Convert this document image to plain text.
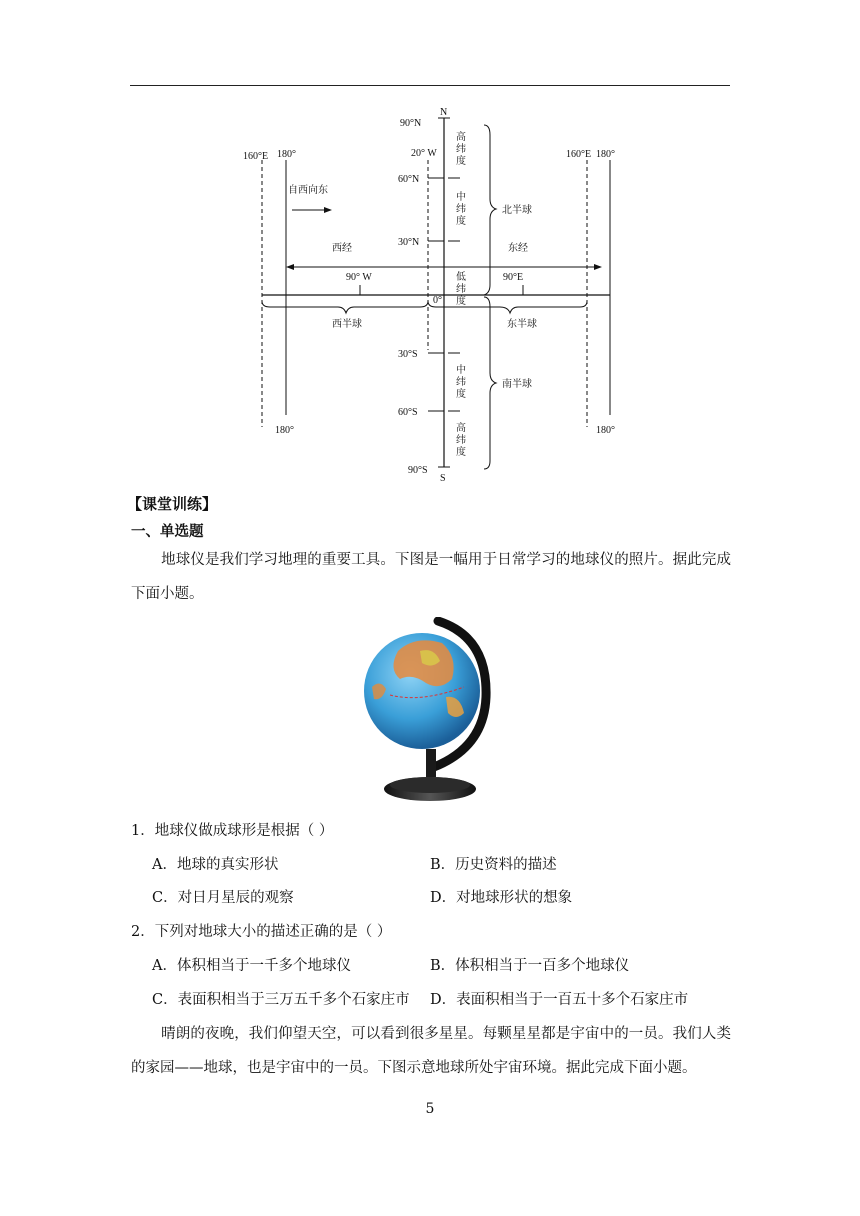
N
S
90°N
20° W
60°N
30°N
0°
30°S
60°S
90°S
160°E 180°
180°
160°E 180°
180°
90° W	90°E
自西向东
西经	东经
西半球	东半球
北半球
南半球
高
纬
度
中
纬
度
低
纬
度
中
纬
度
高
纬
度
【课堂训练】
一、单选题
地球仪是我们学习地理的重要工具。下图是一幅用于日常学习的地球仪的照片。据此完成下面小题。
1．地球仪做成球形是根据（ ）
A．地球的真实形状	B．历史资料的描述
C．对日月星辰的观察	D．对地球形状的想象
2．下列对地球大小的描述正确的是（ ）
A．体积相当于一千多个地球仪	B．体积相当于一百多个地球仪
C．表面积相当于三万五千多个石家庄市 D．表面积相当于一百五十多个石家庄市
晴朗的夜晚，我们仰望天空，可以看到很多星星。每颗星星都是宇宙中的一员。我们人类的家园——地球，也是宇宙中的一员。下图示意地球所处宇宙环境。据此完成下面小题。
5
